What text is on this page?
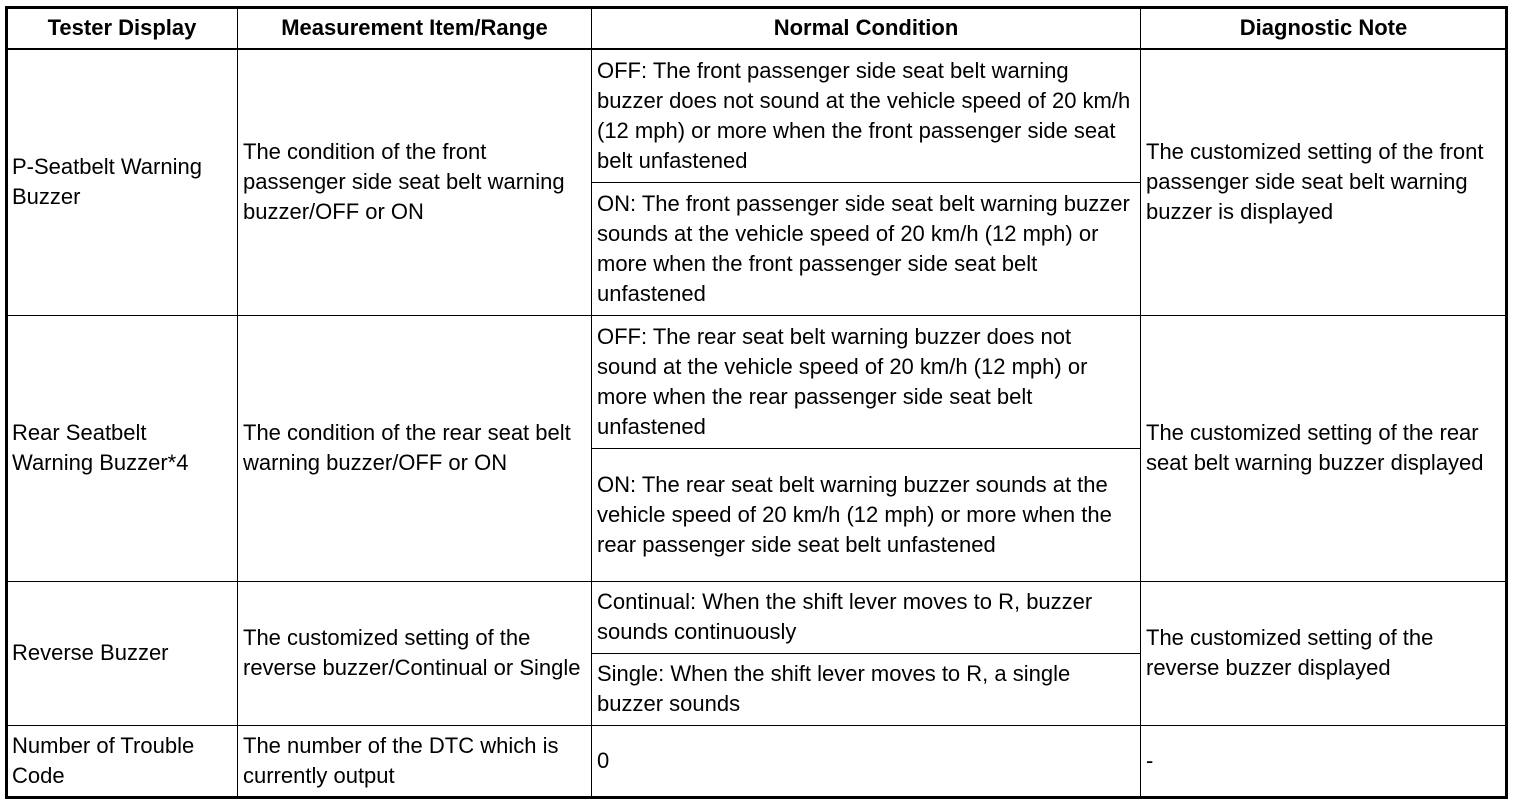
Tester Display	Measurement Item/Range	Normal Condition	Diagnostic Note
P-Seatbelt Warning Buzzer	The condition of the front passenger side seat belt warning buzzer/OFF or ON	OFF: The front passenger side seat belt warning buzzer does not sound at the vehicle speed of 20 km/h (12 mph) or more when the front passenger side seat belt unfastened	The customized setting of the front passenger side seat belt warning buzzer is displayed
		ON: The front passenger side seat belt warning buzzer sounds at the vehicle speed of 20 km/h (12 mph) or more when the front passenger side seat belt unfastened	
Rear Seatbelt Warning Buzzer*4	The condition of the rear seat belt warning buzzer/OFF or ON	OFF: The rear seat belt warning buzzer does not sound at the vehicle speed of 20 km/h (12 mph) or more when the rear passenger side seat belt unfastened	The customized setting of the rear seat belt warning buzzer displayed
		ON: The rear seat belt warning buzzer sounds at the vehicle speed of 20 km/h (12 mph) or more when the rear passenger side seat belt unfastened	
Reverse Buzzer	The customized setting of the reverse buzzer/Continual or Single	Continual: When the shift lever moves to R, buzzer sounds continuously	The customized setting of the reverse buzzer displayed
		Single: When the shift lever moves to R, a single buzzer sounds	
Number of Trouble Code	The number of the DTC which is currently output	0	-
